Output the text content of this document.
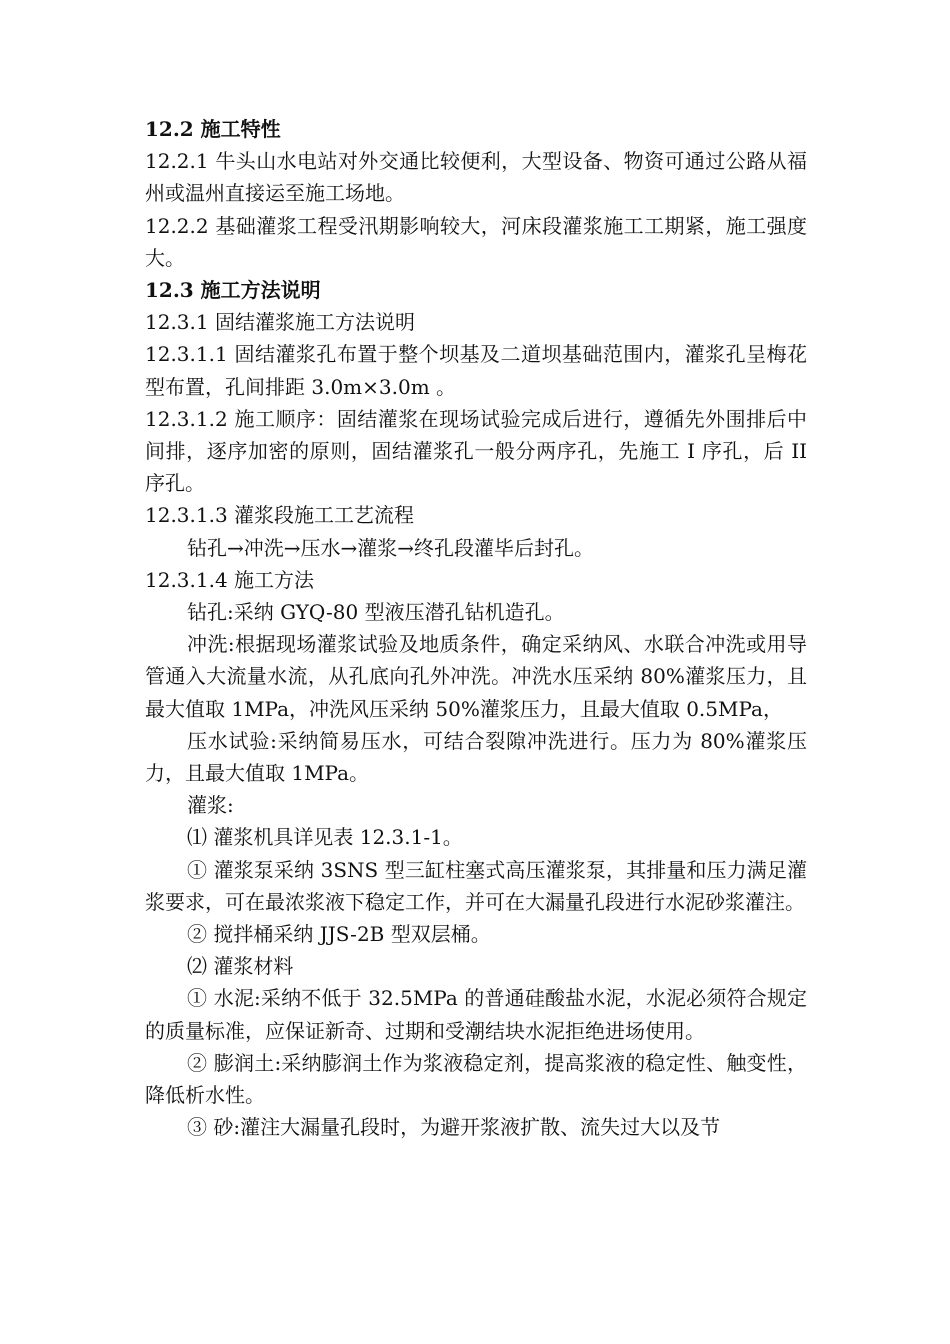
12.2 施工特性

12.2.1 牛头山水电站对外交通比较便利，大型设备、物资可通过公路从福州或温州直接运至施工场地。

12.2.2 基础灌浆工程受汛期影响较大，河床段灌浆施工工期紧，施工强度大。

12.3 施工方法说明

12.3.1 固结灌浆施工方法说明

12.3.1.1 固结灌浆孔布置于整个坝基及二道坝基础范围内，灌浆孔呈梅花型布置，孔间排距 3.0m×3.0m 。

12.3.1.2 施工顺序：固结灌浆在现场试验完成后进行，遵循先外围排后中间排，逐序加密的原则，固结灌浆孔一般分两序孔，先施工 I 序孔，后 II 序孔。

12.3.1.3 灌浆段施工工艺流程

钻孔→冲洗→压水→灌浆→终孔段灌毕后封孔。

12.3.1.4 施工方法

钻孔:采纳 GYQ-80 型液压潜孔钻机造孔。

冲洗:根据现场灌浆试验及地质条件，确定采纳风、水联合冲洗或用导管通入大流量水流，从孔底向孔外冲洗。冲洗水压采纳 80%灌浆压力，且最大值取 1MPa，冲洗风压采纳 50%灌浆压力，且最大值取 0.5MPa，

压水试验:采纳简易压水，可结合裂隙冲洗进行。压力为 80%灌浆压力，且最大值取 1MPa。

灌浆:

⑴ 灌浆机具详见表 12.3.1-1。

① 灌浆泵采纳 3SNS 型三缸柱塞式高压灌浆泵，其排量和压力满足灌浆要求，可在最浓浆液下稳定工作，并可在大漏量孔段进行水泥砂浆灌注。

② 搅拌桶采纳 JJS-2B 型双层桶。

⑵ 灌浆材料

① 水泥:采纳不低于 32.5MPa 的普通硅酸盐水泥，水泥必须符合规定的质量标准，应保证新奇、过期和受潮结块水泥拒绝进场使用。

② 膨润土:采纳膨润土作为浆液稳定剂，提高浆液的稳定性、触变性，降低析水性。

③ 砂:灌注大漏量孔段时，为避开浆液扩散、流失过大以及节
